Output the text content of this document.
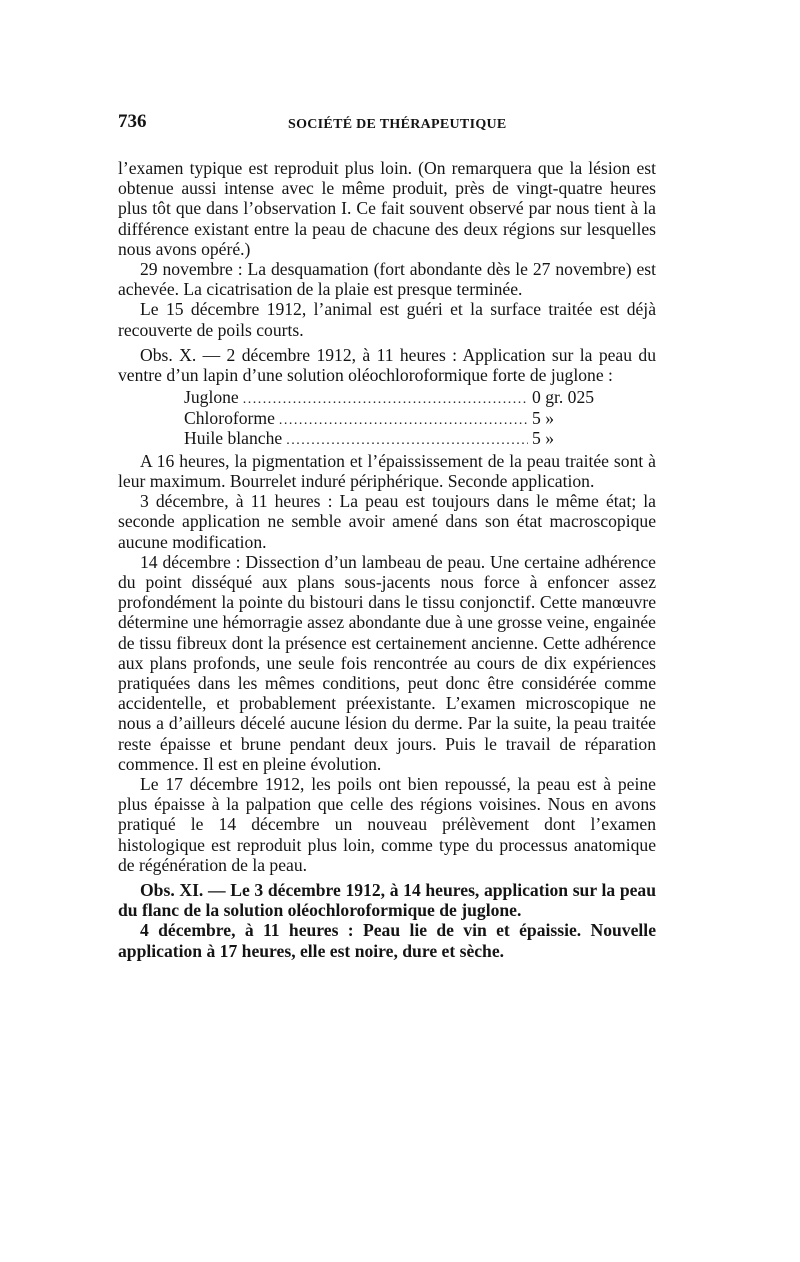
736	SOCIÉTÉ DE THÉRAPEUTIQUE

l’examen typique est reproduit plus loin. (On remarquera que la lésion est obtenue aussi intense avec le même produit, près de vingt-quatre heures plus tôt que dans l’observation I. Ce fait souvent observé par nous tient à la différence existant entre la peau de chacune des deux régions sur lesquelles nous avons opéré.)

29 novembre : La desquamation (fort abondante dès le 27 novembre) est achevée. La cicatrisation de la plaie est presque terminée.

Le 15 décembre 1912, l’animal est guéri et la surface traitée est déjà recouverte de poils courts.

Obs. X. — 2 décembre 1912, à 11 heures : Application sur la peau du ventre d’un lapin d’une solution oléochloroformique forte de juglone :

Juglone .....	0 gr. 025
Chloroforme .....	5 »
Huile blanche .....	5 »

A 16 heures, la pigmentation et l’épaississement de la peau traitée sont à leur maximum. Bourrelet induré périphérique. Seconde application.

3 décembre, à 11 heures : La peau est toujours dans le même état; la seconde application ne semble avoir amené dans son état macroscopique aucune modification.

14 décembre : Dissection d’un lambeau de peau. Une certaine adhérence du point disséqué aux plans sous-jacents nous force à enfoncer assez profondément la pointe du bistouri dans le tissu conjonctif. Cette manœuvre détermine une hémorragie assez abondante due à une grosse veine, engainée de tissu fibreux dont la présence est certainement ancienne. Cette adhérence aux plans profonds, une seule fois rencontrée au cours de dix expériences pratiquées dans les mêmes conditions, peut donc être considérée comme accidentelle, et probablement préexistante. L’examen microscopique ne nous a d’ailleurs décelé aucune lésion du derme. Par la suite, la peau traitée reste épaisse et brune pendant deux jours. Puis le travail de réparation commence. Il est en pleine évolution.

Le 17 décembre 1912, les poils ont bien repoussé, la peau est à peine plus épaisse à la palpation que celle des régions voisines. Nous en avons pratiqué le 14 décembre un nouveau prélèvement dont l’examen histologique est reproduit plus loin, comme type du processus anatomique de régénération de la peau.

Obs. XI. — Le 3 décembre 1912, à 14 heures, application sur la peau du flanc de la solution oléochloroformique de juglone.

4 décembre, à 11 heures : Peau lie de vin et épaissie. Nouvelle application à 17 heures, elle est noire, dure et sèche.
